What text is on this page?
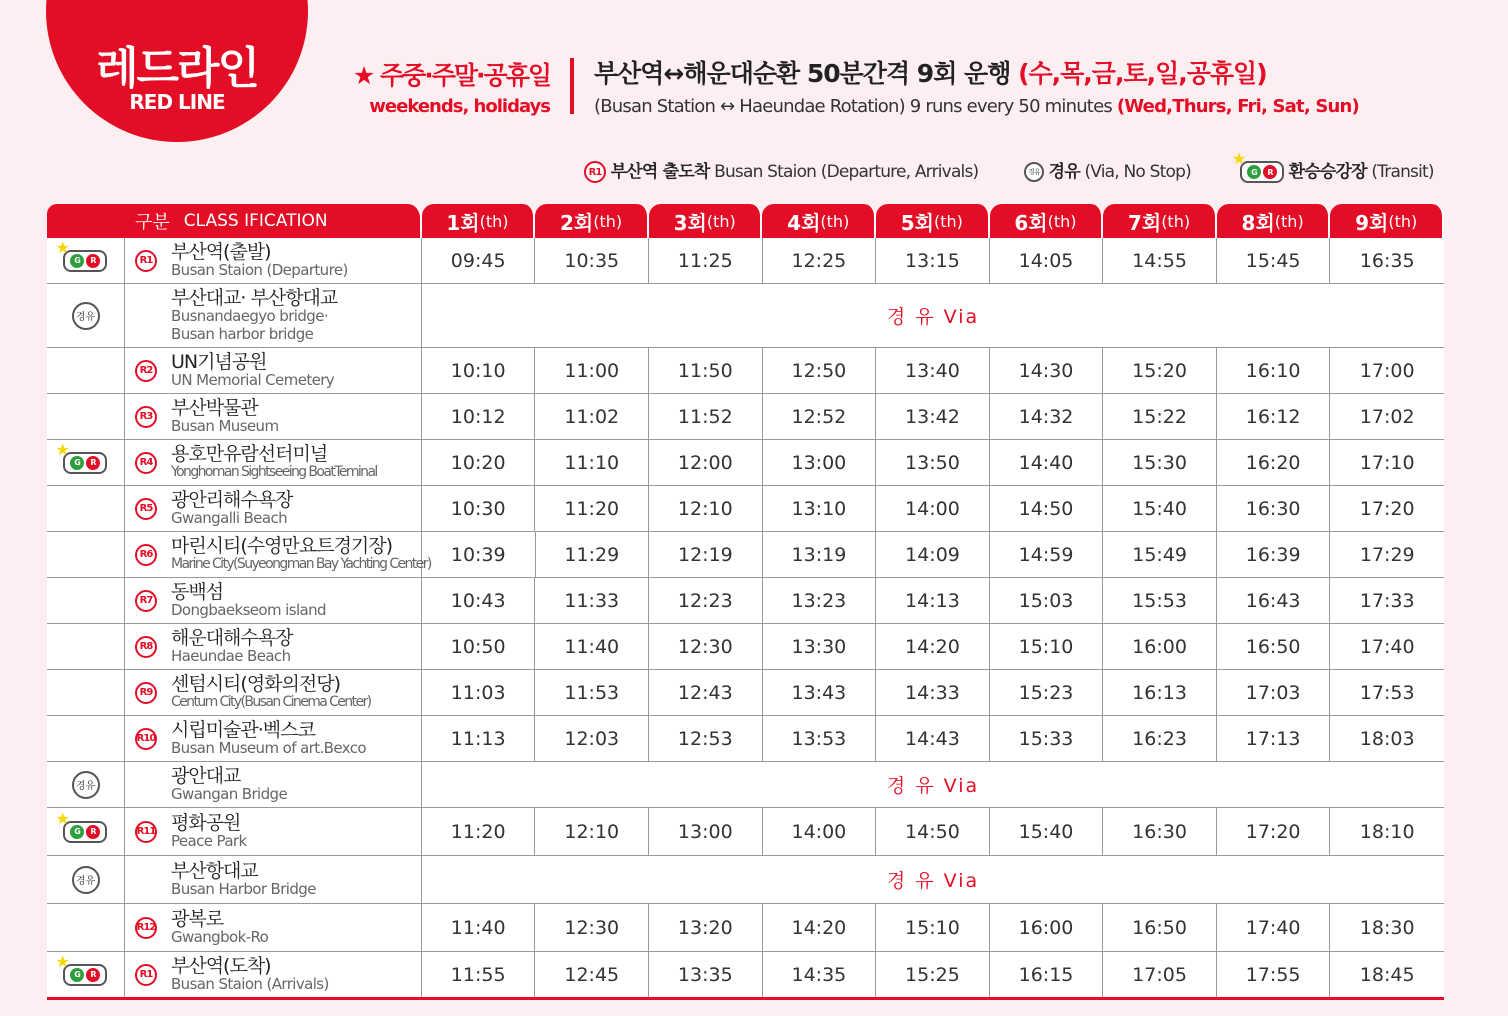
레드라인
RED LINE
★ 주중·주말·공휴일
weekends, holidays
부산역↔해운대순환 50분간격 9회 운행 (수,목,금,토,일,공휴일)
(Busan Station ↔ Haeundae Rotation) 9 runs every 50 minutes (Wed,Thurs, Fri, Sat, Sun)
R1 부산역 출도착 Busan Staion (Departure, Arrivals)	경유 경유 (Via, No Stop)
★
G	R 환승승강장 (Transit)
구분 CLASS IFICATION	1회 (th)	2회 (th)	3회 (th)	4회 (th)	5회 (th)	6회 (th)	7회 (th)	8회 (th)	9회 (th)
★
G	R	R1 부산역(출발)
Busan Staion (Departure)	09:45	10:35	11:25	12:25	13:15	14:05	14:55	15:45	16:35
경유
부산대교· 부산항대교
Busnandaegyo bridge·
Busan harbor bridge
경 유 Via
R2 UN기념공원
UN Memorial Cemetery	10:10	11:00	11:50	12:50	13:40	14:30	15:20	16:10	17:00
R3 부산박물관
Busan Museum	10:12	11:02	11:52	12:52	13:42	14:32	15:22	16:12	17:02
★
G	R	R4 용호만유람선터미널
Yonghoman Sightseeing BoatTeminal	10:20	11:10	12:00	13:00	13:50	14:40	15:30	16:20	17:10
R5 광안리해수욕장
Gwangalli Beach	10:30	11:20	12:10	13:10	14:00	14:50	15:40	16:30	17:20
R6 마린시티(수영만요트경기장)
Marine City(Suyeongman Bay Yachting Center)	10:39	11:29	12:19	13:19	14:09	14:59	15:49	16:39	17:29
R7 동백섬
Dongbaekseom island	10:43	11:33	12:23	13:23	14:13	15:03	15:53	16:43	17:33
R8 해운대해수욕장
Haeundae Beach	10:50	11:40	12:30	13:30	14:20	15:10	16:00	16:50	17:40
R9 센텀시티(영화의전당)
Centum City(Busan Cinema Center)	11:03	11:53	12:43	13:43	14:33	15:23	16:13	17:03	17:53
R10 시립미술관·벡스코
Busan Museum of art.Bexco	11:13	12:03	12:53	13:53	14:43	15:33	16:23	17:13	18:03
경유	광안대교
Gwangan Bridge	경 유 Via
★
G	R	R11 평화공원
Peace Park	11:20	12:10	13:00	14:00	14:50	15:40	16:30	17:20	18:10
경유	부산항대교
Busan Harbor Bridge	경 유 Via
R12 광복로
Gwangbok-Ro	11:40	12:30	13:20	14:20	15:10	16:00	16:50	17:40	18:30
★
G	R	R1 부산역(도착)
Busan Staion (Arrivals)	11:55	12:45	13:35	14:35	15:25	16:15	17:05	17:55	18:45
